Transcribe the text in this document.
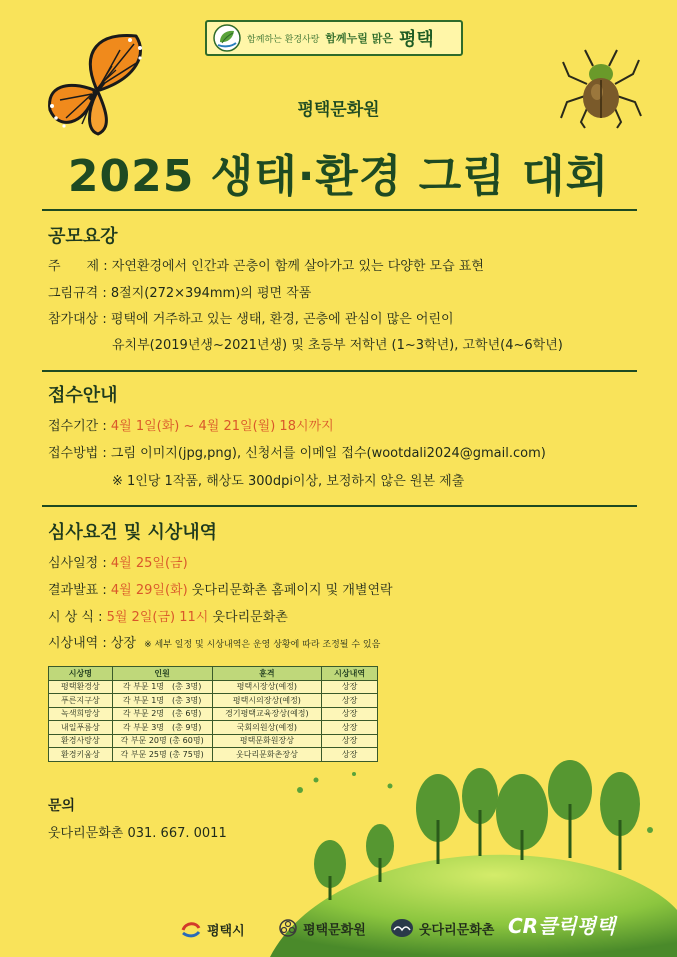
함께하는 환경사랑 함께누릴 맑은 평택
평택문화원
2025 생태·환경 그림 대회
공모요강
주　　제 : 자연환경에서 인간과 곤충이 함께 살아가고 있는 다양한 모습 표현
그림규격 : 8절지(272×394mm)의 평면 작품
참가대상 : 평택에 거주하고 있는 생태, 환경, 곤충에 관심이 많은 어린이
유치부(2019년생~2021년생) 및 초등부 저학년 (1~3학년), 고학년(4~6학년)
접수안내
접수기간 : 4월 1일(화) ~ 4월 21일(월) 18시까지
접수방법 : 그림 이미지(jpg,png), 신청서를 이메일 접수(wootdali2024@gmail.com)
※ 1인당 1작품, 해상도 300dpi이상, 보정하지 않은 원본 제출
심사요건 및 시상내역
심사일정 : 4월 25일(금)
결과발표 : 4월 29일(화) 웃다리문화촌 홈페이지 및 개별연락
시 상 식 : 5월 2일(금) 11시 웃다리문화촌
시상내역 : 상장 ※ 세부 일정 및 시상내역은 운영 상황에 따라 조정될 수 있음
시상명	인원	훈격	시상내역
평택환경상	각 부문 1명　(총 3명)	평택시장상(예정)	상장
푸른지구상	각 부문 1명　(총 3명)	평택시의장상(예정)	상장
녹색희망상	각 부문 2명　(총 6명)	경기평택교육장상(예정)	상장
내일푸름상	각 부문 3명　(총 9명)	국회의원상(예정)	상장
환경사랑상	각 부문 20명 (총 60명)	평택문화원장상	상장
환경키움상	각 부문 25명 (총 75명)	웃다리문화촌장상	상장
문의
웃다리문화촌 031. 667. 0011
평택시	평택문화원	웃다리문화촌 CR클릭평택
